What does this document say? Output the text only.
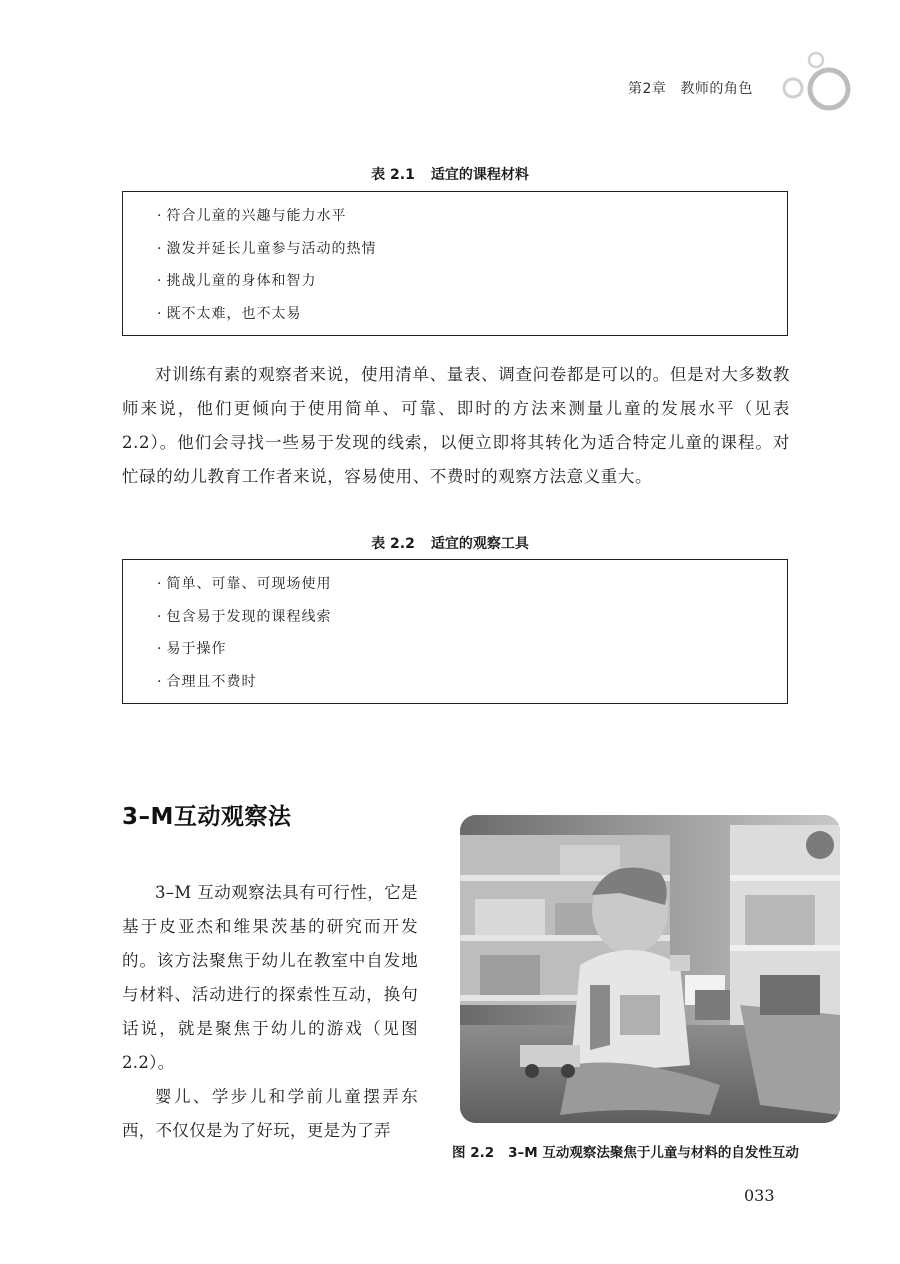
第2章 教师的角色
表 2.1 适宜的课程材料
· 符合儿童的兴趣与能力水平
· 激发并延长儿童参与活动的热情
· 挑战儿童的身体和智力
· 既不太难，也不太易

对训练有素的观察者来说，使用清单、量表、调查问卷都是可以的。但是对大多数教师来说，他们更倾向于使用简单、可靠、即时的方法来测量儿童的发展水平（见表 2.2）。他们会寻找一些易于发现的线索，以便立即将其转化为适合特定儿童的课程。对忙碌的幼儿教育工作者来说，容易使用、不费时的观察方法意义重大。

表 2.2 适宜的观察工具
· 简单、可靠、可现场使用
· 包含易于发现的课程线索
· 易于操作
· 合理且不费时
3–M互动观察法

3–M 互动观察法具有可行性，它是基于皮亚杰和维果茨基的研究而开发的。该方法聚焦于幼儿在教室中自发地与材料、活动进行的探索性互动，换句话说，就是聚焦于幼儿的游戏（见图 2.2）。

婴儿、学步儿和学前儿童摆弄东西，不仅仅是为了好玩，更是为了弄

图 2.2 3–M 互动观察法聚焦于儿童与材料的自发性互动
033
